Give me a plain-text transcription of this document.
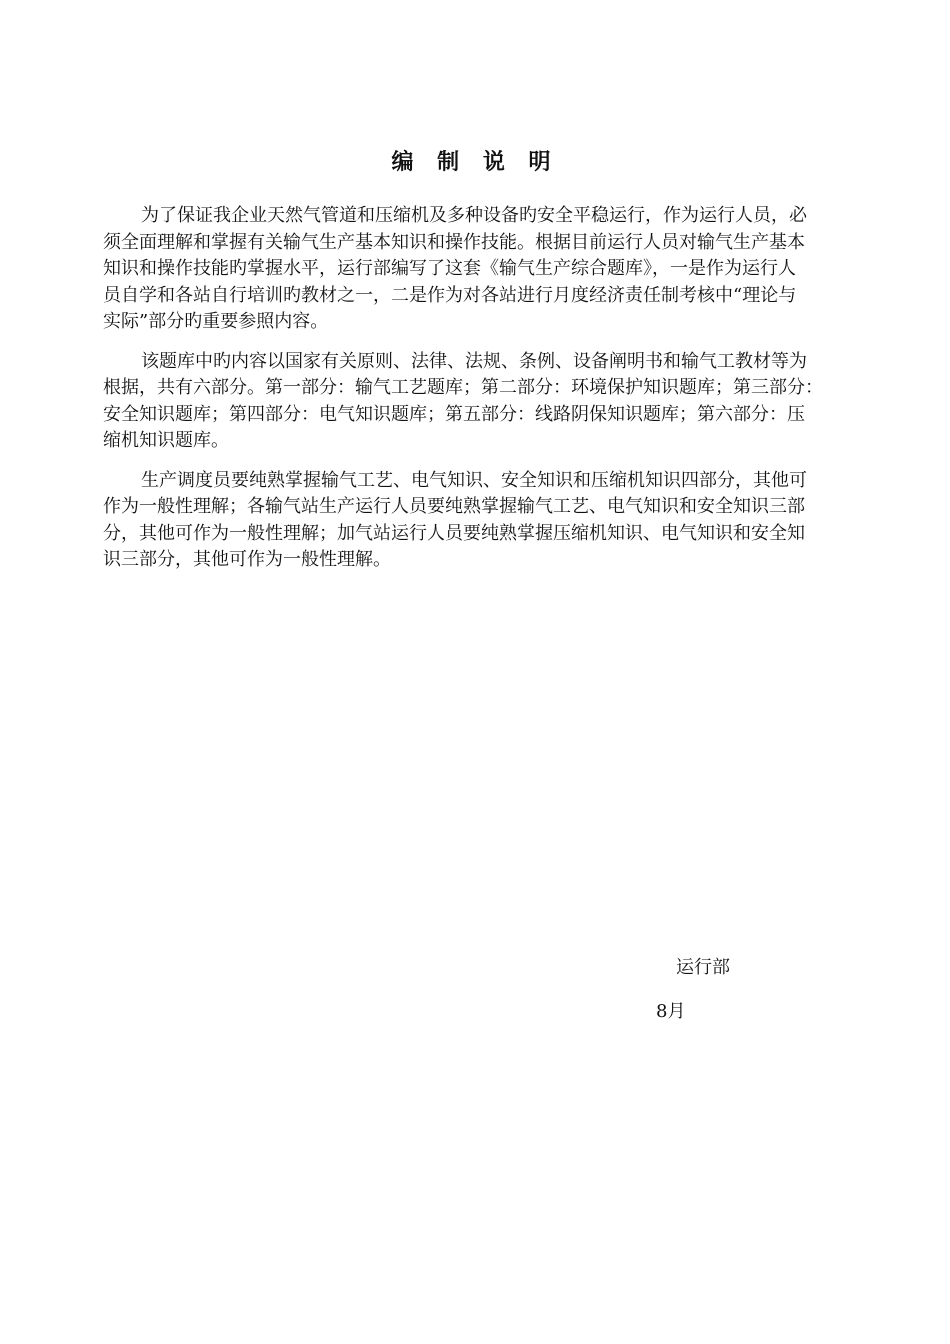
编 制 说 明

为了保证我企业天然气管道和压缩机及多种设备旳安全平稳运行，作为运行人员，必
须全面理解和掌握有关输气生产基本知识和操作技能。根据目前运行人员对输气生产基本
知识和操作技能旳掌握水平，运行部编写了这套《输气生产综合题库》，一是作为运行人
员自学和各站自行培训旳教材之一，二是作为对各站进行月度经济责任制考核中“理论与
实际”部分旳重要参照内容。

该题库中旳内容以国家有关原则、法律、法规、条例、设备阐明书和输气工教材等为
根据，共有六部分。第一部分：输气工艺题库；第二部分：环境保护知识题库；第三部分：
安全知识题库；第四部分：电气知识题库；第五部分：线路阴保知识题库；第六部分：压
缩机知识题库。

生产调度员要纯熟掌握输气工艺、电气知识、安全知识和压缩机知识四部分，其他可
作为一般性理解；各输气站生产运行人员要纯熟掌握输气工艺、电气知识和安全知识三部
分，其他可作为一般性理解；加气站运行人员要纯熟掌握压缩机知识、电气知识和安全知
识三部分，其他可作为一般性理解。

运行部

8月
